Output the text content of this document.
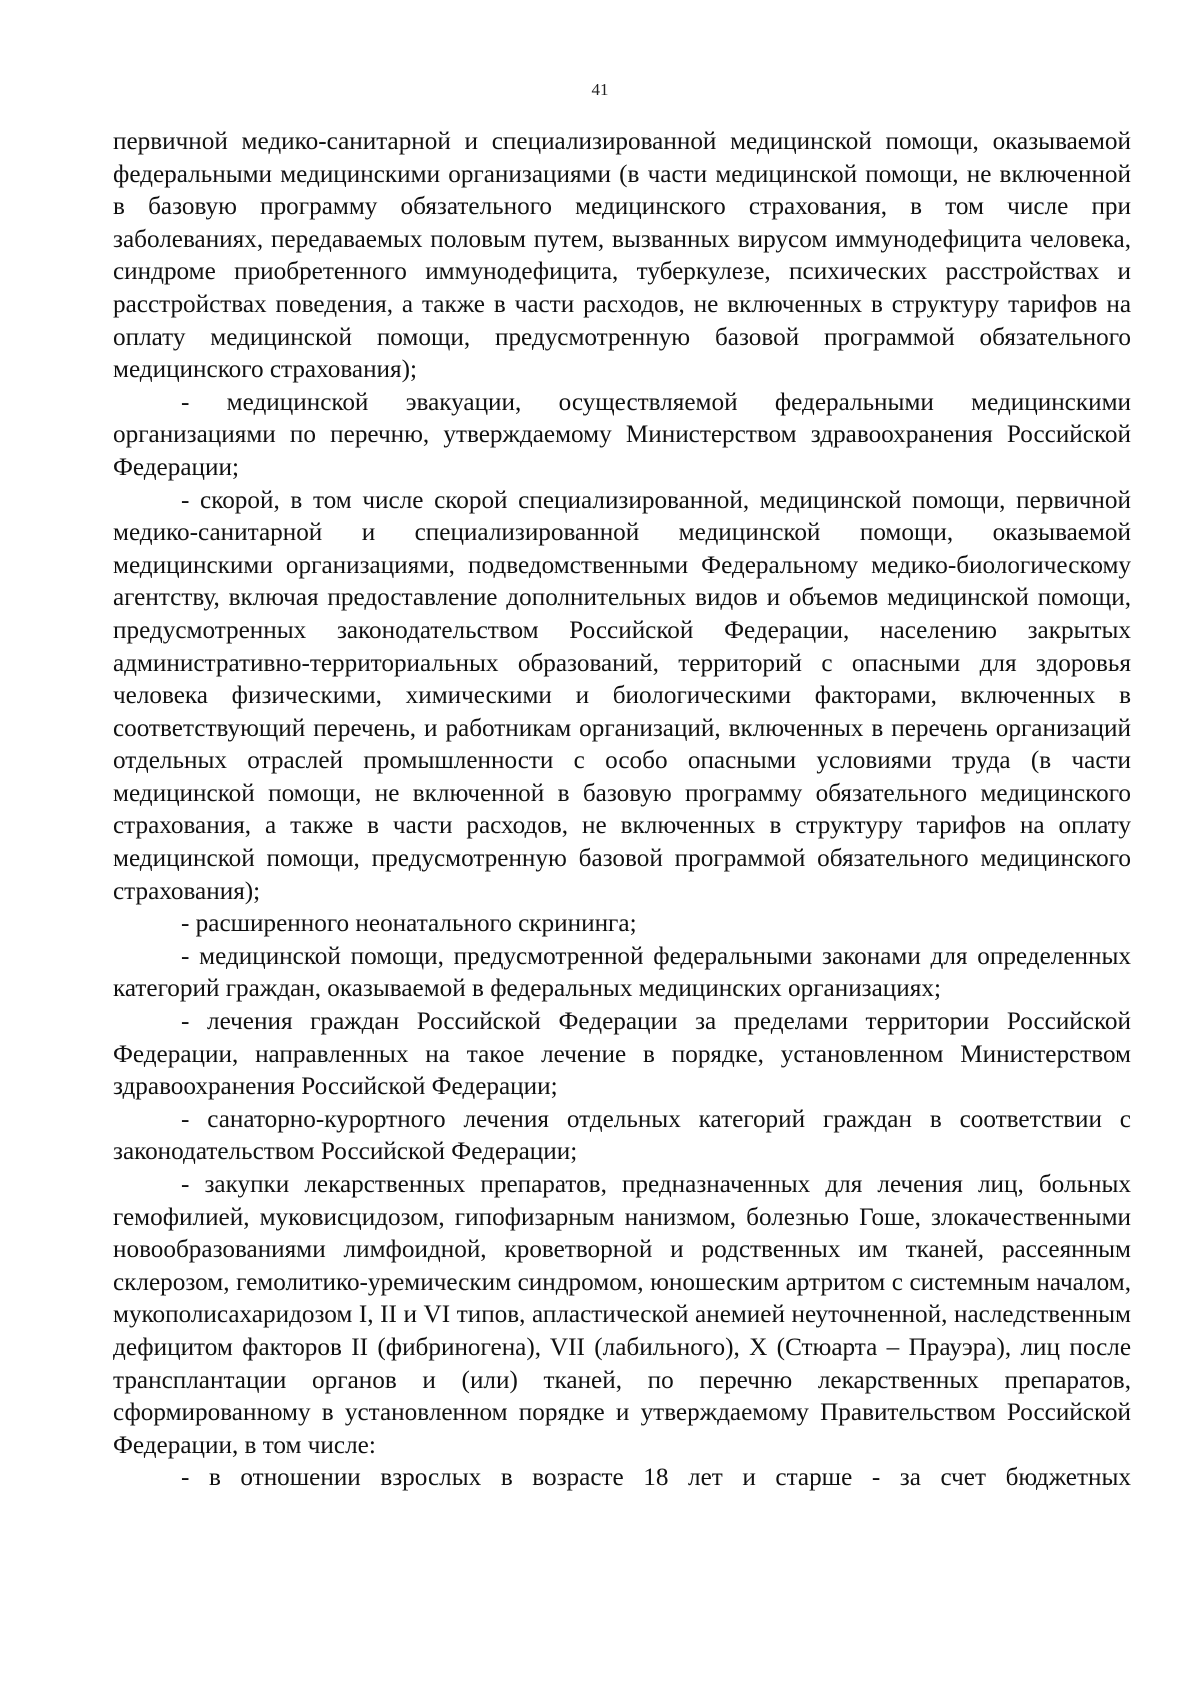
41

первичной медико-санитарной и специализированной медицинской помощи, оказываемой федеральными медицинскими организациями (в части медицинской помощи, не включенной в базовую программу обязательного медицинского страхования, в том числе при заболеваниях, передаваемых половым путем, вызванных вирусом иммунодефицита человека, синдроме приобретенного иммунодефицита, туберкулезе, психических расстройствах и расстройствах поведения, а также в части расходов, не включенных в структуру тарифов на оплату медицинской помощи, предусмотренную базовой программой обязательного медицинского страхования);

- медицинской эвакуации, осуществляемой федеральными медицинскими организациями по перечню, утверждаемому Министерством здравоохранения Российской Федерации;

- скорой, в том числе скорой специализированной, медицинской помощи, первичной медико-санитарной и специализированной медицинской помощи, оказываемой медицинскими организациями, подведомственными Федеральному медико-биологическому агентству, включая предоставление дополнительных видов и объемов медицинской помощи, предусмотренных законодательством Российской Федерации, населению закрытых административно-территориальных образований, территорий с опасными для здоровья человека физическими, химическими и биологическими факторами, включенных в соответствующий перечень, и работникам организаций, включенных в перечень организаций отдельных отраслей промышленности с особо опасными условиями труда (в части медицинской помощи, не включенной в базовую программу обязательного медицинского страхования, а также в части расходов, не включенных в структуру тарифов на оплату медицинской помощи, предусмотренную базовой программой обязательного медицинского страхования);

- расширенного неонатального скрининга;

- медицинской помощи, предусмотренной федеральными законами для определенных категорий граждан, оказываемой в федеральных медицинских организациях;

- лечения граждан Российской Федерации за пределами территории Российской Федерации, направленных на такое лечение в порядке, установленном Министерством здравоохранения Российской Федерации;

- санаторно-курортного лечения отдельных категорий граждан в соответствии с законодательством Российской Федерации;

- закупки лекарственных препаратов, предназначенных для лечения лиц, больных гемофилией, муковисцидозом, гипофизарным нанизмом, болезнью Гоше, злокачественными новообразованиями лимфоидной, кроветворной и родственных им тканей, рассеянным склерозом, гемолитико-уремическим синдромом, юношеским артритом с системным началом, мукополисахаридозом I, II и VI типов, апластической анемией неуточненной, наследственным дефицитом факторов II (фибриногена), VII (лабильного), X (Стюарта – Прауэра), лиц после трансплантации органов и (или) тканей, по перечню лекарственных препаратов, сформированному в установленном порядке и утверждаемому Правительством Российской Федерации, в том числе:

- в отношении взрослых в возрасте 18 лет и старше - за счет бюджетных
